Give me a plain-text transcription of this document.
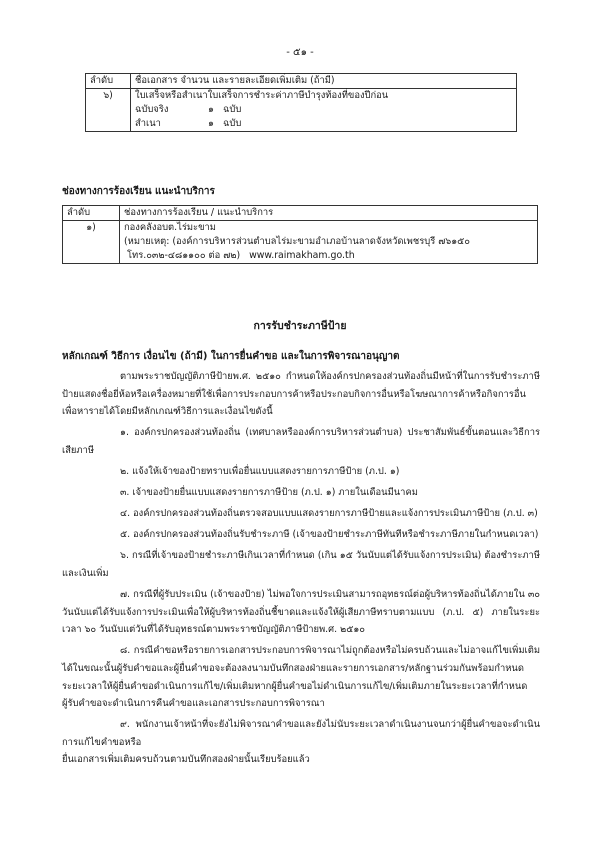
- ๕๑ -
ลำดับ	ชื่อเอกสาร จำนวน และรายละเอียดเพิ่มเติม (ถ้ามี)
๖)	ใบเสร็จหรือสำเนาใบเสร็จการชำระค่าภาษีบำรุงท้องที่ของปีก่อน
ฉบับจริง ๑ ฉบับ
สำเนา ๑ ฉบับ
ช่องทางการร้องเรียน แนะนำบริการ
ลำดับ	ช่องทางการร้องเรียน / แนะนำบริการ
๑)	กองคลังอบต.ไร่มะขาม
(หมายเหตุ: (องค์การบริหารส่วนตำบลไร่มะขามอำเภอบ้านลาดจังหวัดเพชรบุรี ๗๖๑๕๐
โทร.๐๓๒-๔๘๑๑๐๐ ต่อ ๗๒)   www.raimakham.go.th
การรับชำระภาษีป้าย
หลักเกณฑ์ วิธีการ เงื่อนไข (ถ้ามี) ในการยื่นคำขอ และในการพิจารณาอนุญาต
ตามพระราชบัญญัติภาษีป้ายพ.ศ. ๒๕๑๐ กำหนดให้องค์กรปกครองส่วนท้องถิ่นมีหน้าที่ในการรับชำระภาษีป้ายแสดงชื่อยี่ห้อหรือเครื่องหมายที่ใช้เพื่อการประกอบการค้าหรือประกอบกิจการอื่นหรือโฆษณาการค้าหรือกิจการอื่นเพื่อหารายได้โดยมีหลักเกณฑ์วิธีการและเงื่อนไขดังนี้
๑. องค์กรปกครองส่วนท้องถิ่น (เทศบาลหรือองค์การบริหารส่วนตำบล) ประชาสัมพันธ์ขั้นตอนและวิธีการเสียภาษี
๒. แจ้งให้เจ้าของป้ายทราบเพื่อยื่นแบบแสดงรายการภาษีป้าย (ภ.ป. ๑)
๓. เจ้าของป้ายยื่นแบบแสดงรายการภาษีป้าย (ภ.ป. ๑) ภายในเดือนมีนาคม
๔. องค์กรปกครองส่วนท้องถิ่นตรวจสอบแบบแสดงรายการภาษีป้ายและแจ้งการประเมินภาษีป้าย (ภ.ป. ๓)
๕. องค์กรปกครองส่วนท้องถิ่นรับชำระภาษี (เจ้าของป้ายชำระภาษีทันทีหรือชำระภาษีภายในกำหนดเวลา)
๖. กรณีที่เจ้าของป้ายชำระภาษีเกินเวลาที่กำหนด (เกิน ๑๕ วันนับแต่ได้รับแจ้งการประเมิน) ต้องชำระภาษีและเงินเพิ่ม
๗. กรณีที่ผู้รับประเมิน (เจ้าของป้าย) ไม่พอใจการประเมินสามารถอุทธรณ์ต่อผู้บริหารท้องถิ่นได้ภายใน ๓๐ วันนับแต่ได้รับแจ้งการประเมินเพื่อให้ผู้บริหารท้องถิ่นชี้ขาดและแจ้งให้ผู้เสียภาษีทราบตามแบบ (ภ.ป. ๕) ภายในระยะเวลา ๖๐ วันนับแต่วันที่ได้รับอุทธรณ์ตามพระราชบัญญัติภาษีป้ายพ.ศ. ๒๕๑๐
๘. กรณีคำขอหรือรายการเอกสารประกอบการพิจารณาไม่ถูกต้องหรือไม่ครบถ้วนและไม่อาจแก้ไขเพิ่มเติมได้ในขณะนั้นผู้รับคำขอและผู้ยื่นคำขอจะต้องลงนามบันทึกสองฝ่ายและรายการเอกสาร/หลักฐานร่วมกันพร้อมกำหนดระยะเวลาให้ผู้ยื่นคำขอดำเนินการแก้ไข/เพิ่มเติมหากผู้ยื่นคำขอไม่ดำเนินการแก้ไข/เพิ่มเติมภายในระยะเวลาที่กำหนดผู้รับคำขอจะดำเนินการคืนคำขอและเอกสารประกอบการพิจารณา
๙. พนักงานเจ้าหน้าที่จะยังไม่พิจารณาคำขอและยังไม่นับระยะเวลาดำเนินงานจนกว่าผู้ยื่นคำขอจะดำเนินการแก้ไขคำขอหรือ
ยื่นเอกสารเพิ่มเติมครบถ้วนตามบันทึกสองฝ่ายนั้นเรียบร้อยแล้ว
